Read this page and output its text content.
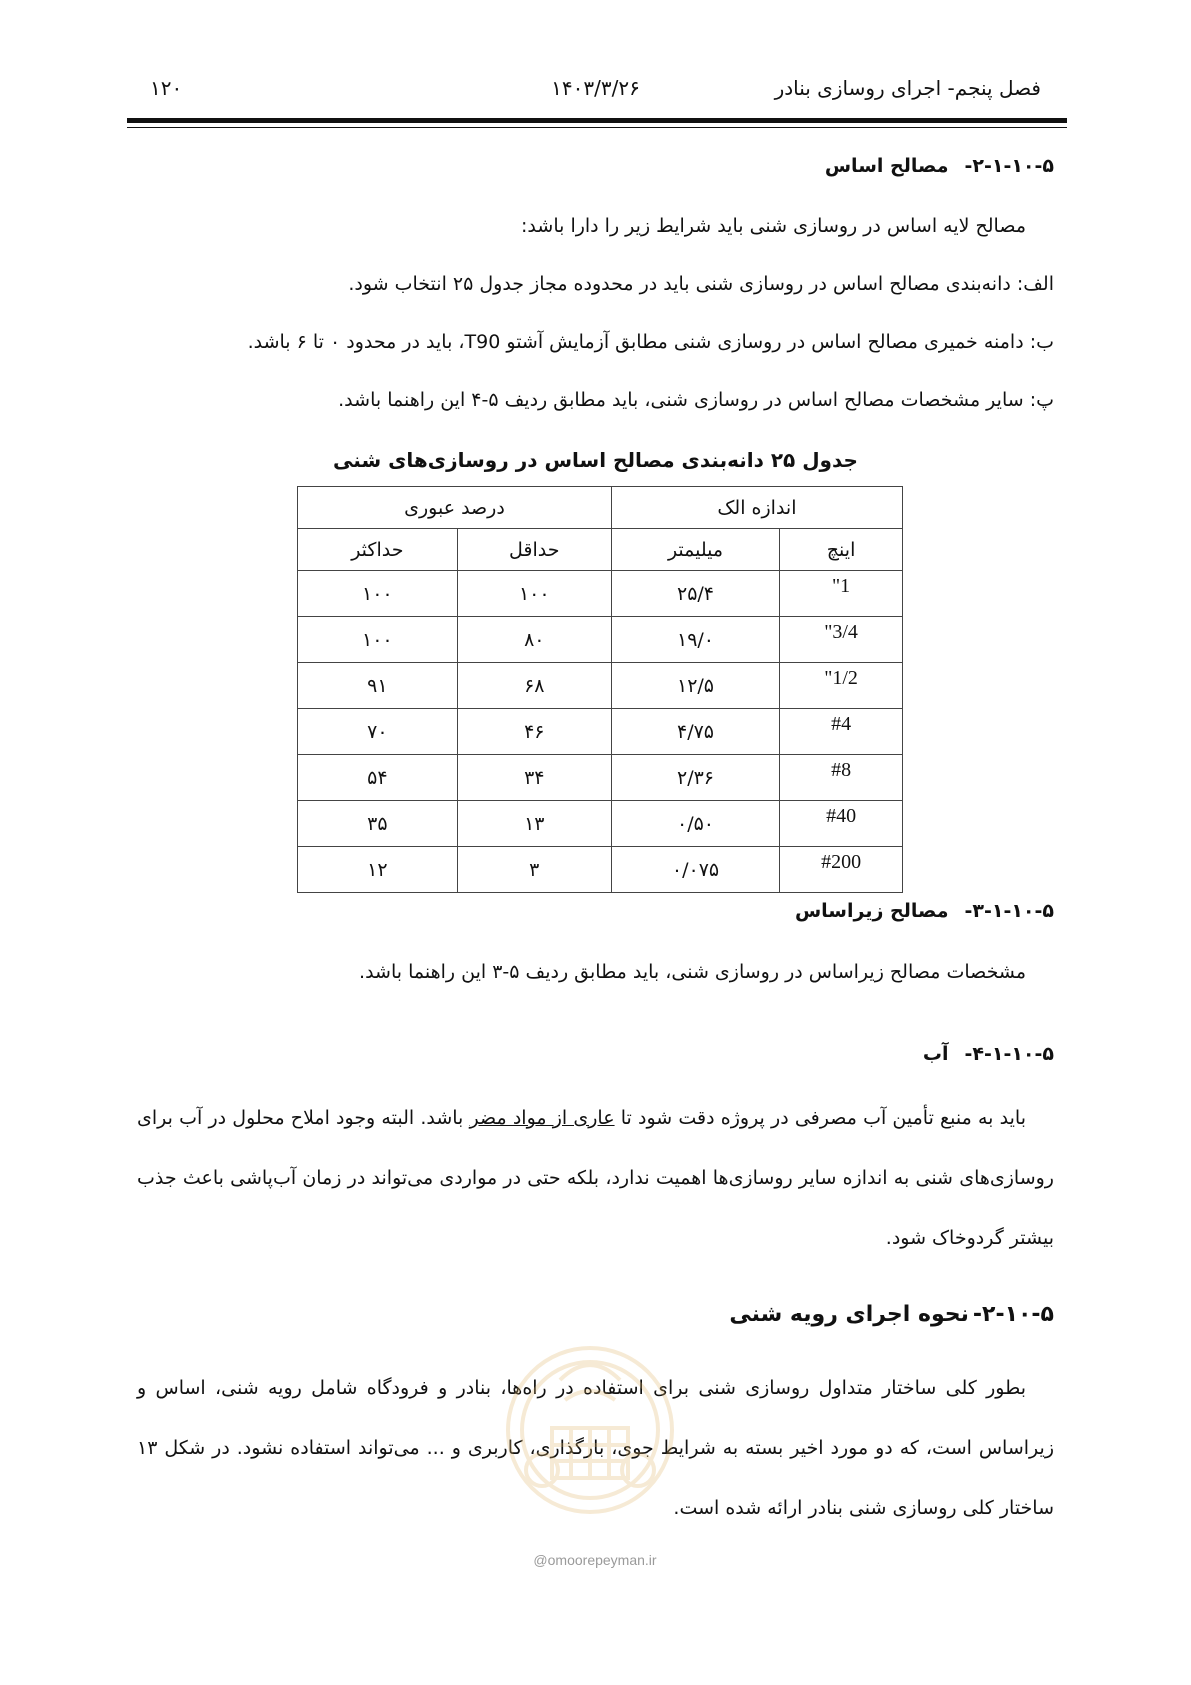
فصل پنجم- اجرای روسازی بنادر
۱۴۰۳/۳/۲۶
۱۲۰
۲-۱-۱۰-۵-مصالح اساس
مصالح لایه اساس در روسازی شنی باید شرایط زیر را دارا باشد:
الف: دانه‌بندی مصالح اساس در روسازی شنی باید در محدوده مجاز جدول ۲۵ انتخاب شود.
ب: دامنه خمیری مصالح اساس در روسازی شنی مطابق آزمایش آشتو T90، باید در محدود ۰ تا ۶ باشد.
پ: سایر مشخصات مصالح اساس در روسازی شنی، باید مطابق ردیف ۵-۴ این راهنما باشد.
جدول ۲۵ دانه‌بندی مصالح اساس در روسازی‌های شنی
اندازه الک		درصد عبوری	
اینچ	میلیمتر	حداقل	حداکثر
1"	۲۵/۴	۱۰۰	۱۰۰
3/4"	۱۹/۰	۸۰	۱۰۰
1/2"	۱۲/۵	۶۸	۹۱
#4	۴/۷۵	۴۶	۷۰
#8	۲/۳۶	۳۴	۵۴
#40	۰/۵۰	۱۳	۳۵
#200	۰/۰۷۵	۳	۱۲
۳-۱-۱۰-۵-مصالح زیراساس
مشخصات مصالح زیراساس در روسازی شنی، باید مطابق ردیف ۵-۳ این راهنما باشد.
۴-۱-۱۰-۵-آب
باید به منبع تأمین آب مصرفی در پروژه دقت شود تا عاری از مواد مضر باشد. البته وجود املاح محلول در آب برای روسازی‌های شنی به اندازه سایر روسازی‌ها اهمیت ندارد، بلکه حتی در مواردی می‌تواند در زمان آب‌پاشی باعث جذب بیشتر گردوخاک شود.
۲-۱۰-۵-نحوه اجرای رویه شنی
بطور کلی ساختار متداول روسازی شنی برای استفاده در راه‌ها، بنادر و فرودگاه شامل رویه شنی، اساس و زیراساس است، که دو مورد اخیر بسته به شرایط جوی، بارگذاری، کاربری و ... می‌تواند استفاده نشود. در شکل ۱۳ ساختار کلی روسازی شنی بنادر ارائه شده است.
@omoorepeyman.ir
